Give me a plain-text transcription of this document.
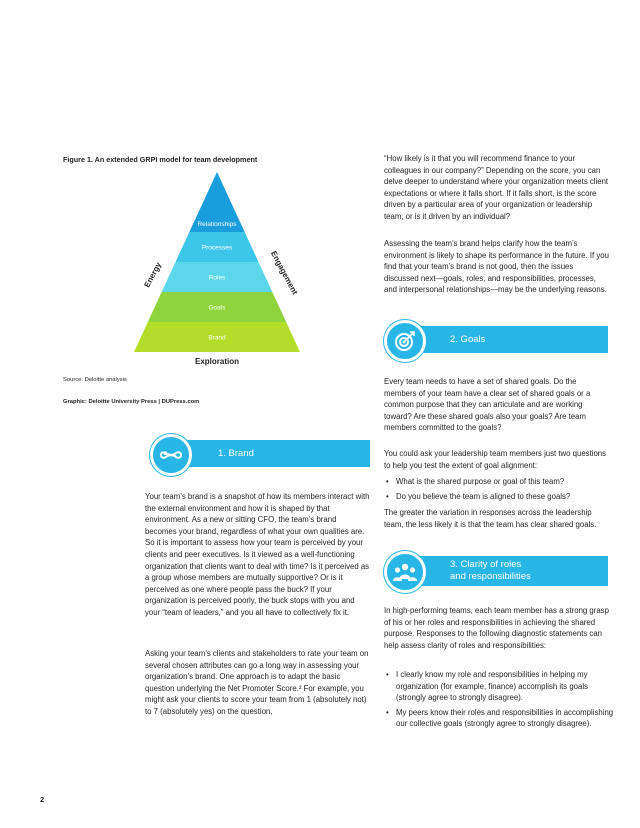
Figure 1. An extended GRPI model for team development
Relationships
Processes
Roles
Goals
Brand
Energy	Engagement
Exploration
Source: Deloitte analysis
Graphic: Deloitte University Press | DUPress.com
1. Brand

Your team’s brand is a snapshot of how its members interact with the external environment and how it is shaped by that environment. As a new or sitting CFO, the team’s brand becomes your brand, regardless of what your own qualities are. So it is important to assess how your team is perceived by your clients and peer executives. Is it viewed as a well-functioning organization that clients want to deal with time? Is it perceived as a group whose members are mutually supportive? Or is it perceived as one where people pass the buck? If your organization is perceived poorly, the buck stops with you and your “team of leaders,” and you all have to collectively fix it.

Asking your team’s clients and stakeholders to rate your team on several chosen attributes can go a long way in assessing your organization’s brand. One approach is to adapt the basic question underlying the Net Promoter Score.² For example, you might ask your clients to score your team from 1 (absolutely not) to 7 (absolutely yes) on the question,

“How likely is it that you will recommend finance to your colleagues in our company?” Depending on the score, you can delve deeper to understand where your organization meets client expectations or where it falls short. If it falls short, is the score driven by a particular area of your organization or leadership team, or is it driven by an individual?

Assessing the team’s brand helps clarify how the team’s environment is likely to shape its performance in the future. If you find that your team’s brand is not good, then the issues discussed next—goals, roles, and responsibilities, processes, and interpersonal relationships—may be the underlying reasons.

2. Goals

Every team needs to have a set of shared goals. Do the members of your team have a clear set of shared goals or a common purpose that they can articulate and are working toward? Are these shared goals also your goals? Are team members committed to the goals?

You could ask your leadership team members just two questions to help you test the extent of goal alignment:

• What is the shared purpose or goal of this team?
• Do you believe the team is aligned to these goals?

The greater the variation in responses across the leadership team, the less likely it is that the team has clear shared goals.

3. Clarity of roles
and responsibilities

In high-performing teams, each team member has a strong grasp of his or her roles and responsibilities in achieving the shared purpose. Responses to the following diagnostic statements can help assess clarity of roles and responsibilities:

• I clearly know my role and responsibilities in helping my organization (for example, finance) accomplish its goals (strongly agree to strongly disagree).
• My peers know their roles and responsibilities in accomplishing our collective goals (strongly agree to strongly disagree).
2
